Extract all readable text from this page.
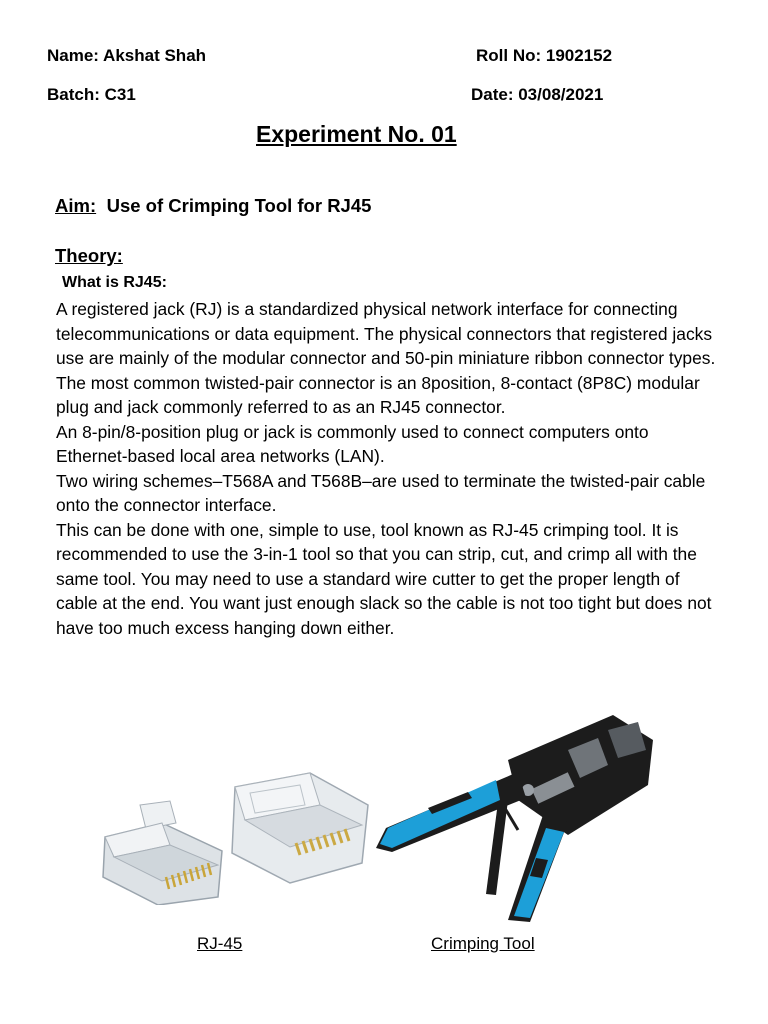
Name: Akshat Shah	Roll No: 1902152
Batch: C31	Date: 03/08/2021
Experiment No. 01
Aim: Use of Crimping Tool for RJ45
Theory:
What is RJ45:

A registered jack (RJ) is a standardized physical network interface for connecting telecommunications or data equipment. The physical connectors that registered jacks use are mainly of the modular connector and 50-pin miniature ribbon connector types. The most common twisted-pair connector is an 8position, 8-contact (8P8C) modular plug and jack commonly referred to as an RJ45 connector.

An 8-pin/8-position plug or jack is commonly used to connect computers onto Ethernet-based local area networks (LAN).

Two wiring schemes–T568A and T568B–are used to terminate the twisted-pair cable onto the connector interface.

This can be done with one, simple to use, tool known as RJ-45 crimping tool. It is recommended to use the 3-in-1 tool so that you can strip, cut, and crimp all with the same tool. You may need to use a standard wire cutter to get the proper length of cable at the end. You want just enough slack so the cable is not too tight but does not have too much excess hanging down either.

RJ-45	Crimping Tool
